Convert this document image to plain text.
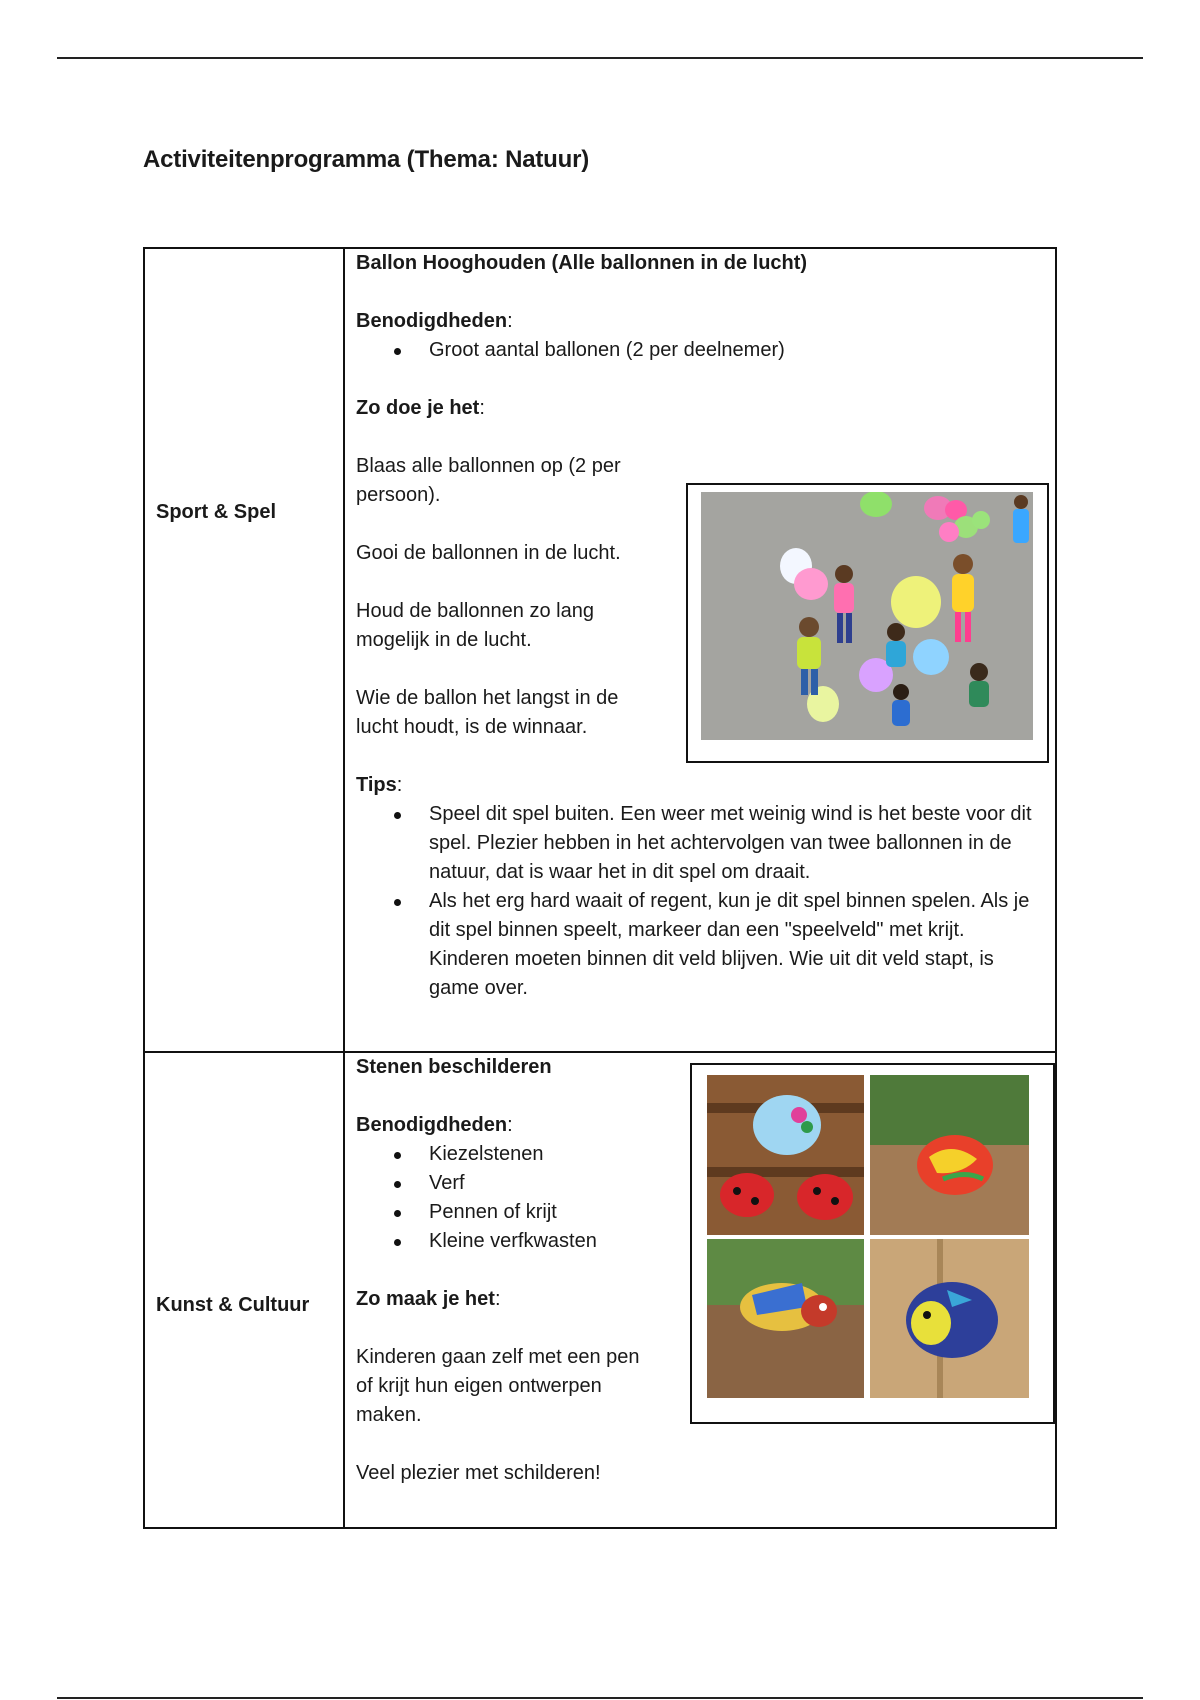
Activiteitenprogramma (Thema: Natuur)
Sport & Spel

Ballon Hooghouden (Alle ballonnen in de lucht)

Benodigdheden:

Groot aantal ballonen (2 per deelnemer)

Zo doe je het:

Blaas alle ballonnen op (2 per persoon).

Gooi de ballonnen in de lucht.

Houd de ballonnen zo lang mogelijk in de lucht.

Wie de ballon het langst in de lucht houdt, is de winnaar.

Tips:

Speel dit spel buiten. Een weer met weinig wind is het beste voor dit spel. Plezier hebben in het achtervolgen van twee ballonnen in de natuur, dat is waar het in dit spel om draait.
Als het erg hard waait of regent, kun je dit spel binnen spelen. Als je dit spel binnen speelt, markeer dan een "speelveld" met krijt. Kinderen moeten binnen dit veld blijven. Wie uit dit veld stapt, is game over.
Kunst & Cultuur

Stenen beschilderen

Benodigdheden:

Kiezelstenen
Verf
Pennen of krijt
Kleine verfkwasten

Zo maak je het:

Kinderen gaan zelf met een pen of krijt hun eigen ontwerpen maken.

Veel plezier met schilderen!
